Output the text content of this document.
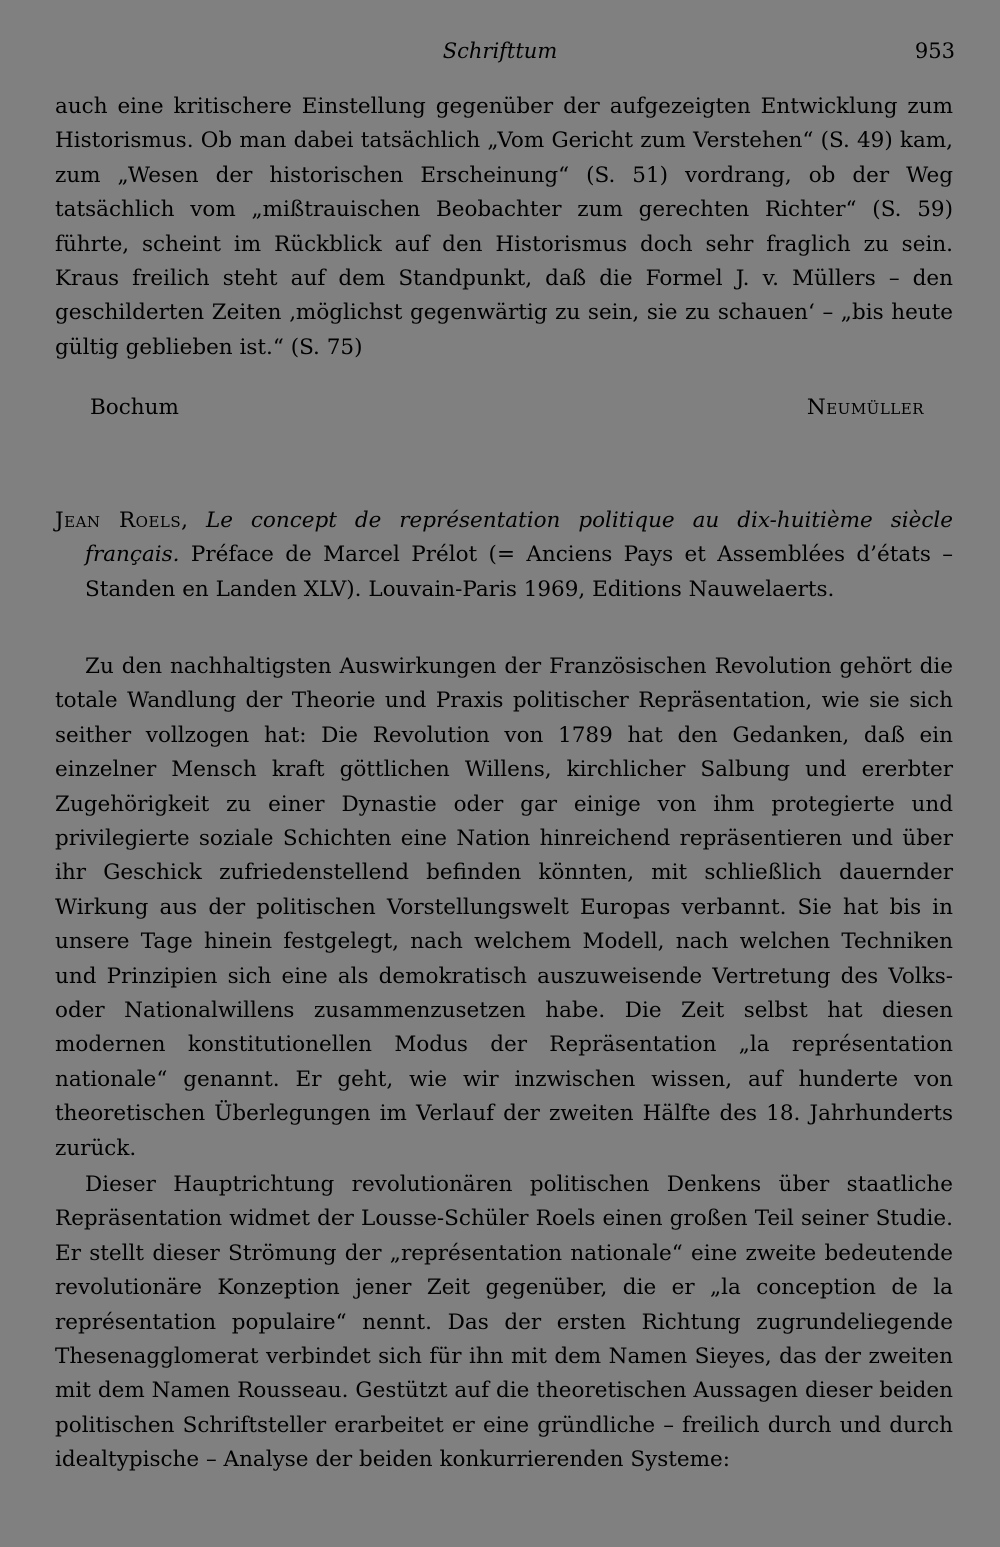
Schrifttum	953

auch eine kritischere Einstellung gegenüber der aufgezeigten Entwicklung zum Historismus. Ob man dabei tatsächlich „Vom Gericht zum Verstehen“ (S. 49) kam, zum „Wesen der historischen Erscheinung“ (S. 51) vordrang, ob der Weg tatsächlich vom „mißtrauischen Beobachter zum gerechten Richter“ (S. 59) führte, scheint im Rückblick auf den Historismus doch sehr fraglich zu sein. Kraus freilich steht auf dem Standpunkt, daß die Formel J. v. Müllers – den geschilderten Zeiten ‚möglichst gegenwärtig zu sein, sie zu schauen‘ – „bis heute gültig geblieben ist.“ (S. 75)

Bochum	Neumüller

Jean Roels, Le concept de représentation politique au dix-huitième siècle français. Préface de Marcel Prélot (= Anciens Pays et Assemblées d’états – Standen en Landen XLV). Louvain-Paris 1969, Editions Nauwelaerts.

Zu den nachhaltigsten Auswirkungen der Französischen Revolution gehört die totale Wandlung der Theorie und Praxis politischer Repräsentation, wie sie sich seither vollzogen hat: Die Revolution von 1789 hat den Gedanken, daß ein einzelner Mensch kraft göttlichen Willens, kirchlicher Salbung und ererbter Zugehörigkeit zu einer Dynastie oder gar einige von ihm protegierte und privilegierte soziale Schichten eine Nation hinreichend repräsentieren und über ihr Geschick zufriedenstellend befinden könnten, mit schließlich dauernder Wirkung aus der politischen Vorstellungswelt Europas verbannt. Sie hat bis in unsere Tage hinein festgelegt, nach welchem Modell, nach welchen Techniken und Prinzipien sich eine als demokratisch auszuweisende Vertretung des Volks- oder Nationalwillens zusammenzusetzen habe. Die Zeit selbst hat diesen modernen konstitutionellen Modus der Repräsentation „la représentation nationale“ genannt. Er geht, wie wir inzwischen wissen, auf hunderte von theoretischen Überlegungen im Verlauf der zweiten Hälfte des 18. Jahrhunderts zurück.

Dieser Hauptrichtung revolutionären politischen Denkens über staatliche Repräsentation widmet der Lousse-Schüler Roels einen großen Teil seiner Studie. Er stellt dieser Strömung der „représentation nationale“ eine zweite bedeutende revolutionäre Konzeption jener Zeit gegenüber, die er „la conception de la représentation populaire“ nennt. Das der ersten Richtung zugrundeliegende Thesenagglomerat verbindet sich für ihn mit dem Namen Sieyes, das der zweiten mit dem Namen Rousseau. Gestützt auf die theoretischen Aussagen dieser beiden politischen Schriftsteller erarbeitet er eine gründliche – freilich durch und durch idealtypische – Analyse der beiden konkurrierenden Systeme:
